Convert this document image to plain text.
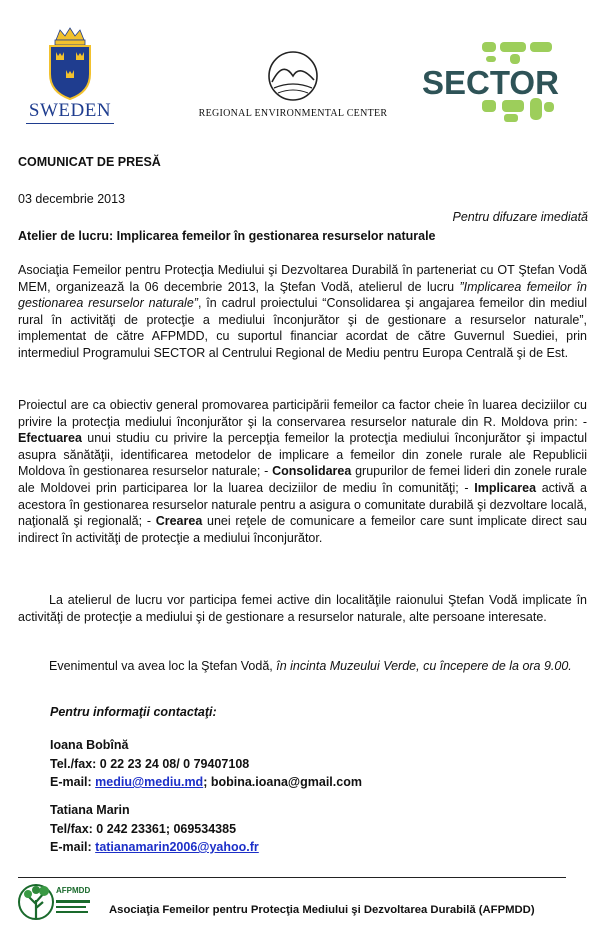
SWEDEN	REGIONAL ENVIRONMENTAL CENTER
SECTOR
COMUNICAT DE PRESĂ
03 decembrie 2013
Pentru difuzare imediată
Atelier de lucru: Implicarea femeilor în gestionarea resurselor naturale
Asociaţia Femeilor pentru Protecţia Mediului şi Dezvoltarea Durabilă în parteneriat cu OT Ştefan Vodă MEM, organizează la 06 decembrie 2013, la Ştefan Vodă, atelierul de lucru ”Implicarea femeilor în gestionarea resurselor naturale”, în cadrul proiectului “Consolidarea şi angajarea femeilor din mediul rural în activităţi de protecţie a mediului înconjurător şi de gestionare a resurselor naturale”, implementat de către AFPMDD, cu suportul financiar acordat de către Guvernul Suediei, prin intermediul Programului SECTOR al Centrului Regional de Mediu pentru Europa Centrală şi de Est.
Proiectul are ca obiectiv general promovarea participării femeilor ca factor cheie în luarea deciziilor cu privire la protecţia mediului înconjurător şi la conservarea resurselor naturale din R. Moldova prin: - Efectuarea unui studiu cu privire la percepţia femeilor la protecţia mediului înconjurător şi impactul asupra sănătăţii, identificarea metodelor de implicare a femeilor din zonele rurale ale Republicii Moldova în gestionarea resurselor naturale; - Consolidarea grupurilor de femei lideri din zonele rurale ale Moldovei prin participarea lor la luarea deciziilor de mediu în comunităţi; - Implicarea activă a acestora în gestionarea resurselor naturale pentru a asigura o comunitate durabilă şi dezvoltare locală, naţională şi regională; - Crearea unei reţele de comunicare a femeilor care sunt implicate direct sau indirect în activităţi de protecţie a mediului înconjurător.
La atelierul de lucru vor participa femei active din localităţile raionului Ştefan Vodă implicate în activităţi de protecţie a mediului şi de gestionare a resurselor naturale, alte persoane interesate.
Evenimentul va avea loc la Ştefan Vodă, în incinta Muzeului Verde, cu începere de la ora 9.00.
Pentru informaţii contactaţi:
Ioana Bobînă
Tel./fax: 0 22 23 24 08/ 0 79407108
E-mail: mediu@mediu.md; bobina.ioana@gmail.com
Tatiana Marin
Tel/fax: 0 242 23361; 069534385
E-mail: tatianamarin2006@yahoo.fr
AFPMDD
Asociaţia Femeilor pentru Protecţia Mediului şi Dezvoltarea Durabilă (AFPMDD)
